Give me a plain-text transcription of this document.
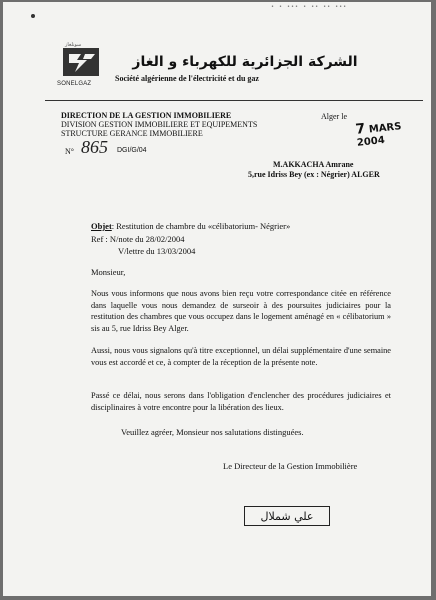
• • ••• • •• •• •••
سونلغاز
SONELGAZ
الشركة الجزائرية للكهرباء و الغاز
Société algérienne de l'électricité et du gaz
DIRECTION DE LA GESTION IMMOBILIERE
DIVISION GESTION IMMOBILIERE ET EQUIPEMENTS
STRUCTURE GERANCE IMMOBILIERE
Alger le
7 MARS 2004
N° 865 DGI/G/04
M.AKKACHA Amrane
5,rue Idriss Bey (ex : Négrier) ALGER
Objet: Restitution de chambre du «célibatorium- Négrier»
Ref : N/note du 28/02/2004
V/lettre du 13/03/2004
Monsieur,
Nous vous informons que nous avons bien reçu votre correspondance citée en référence dans laquelle vous nous demandez de surseoir à des poursuites judiciaires pour la restitution des chambres que vous occupez dans le logement aménagé en « célibatorium » sis au 5, rue Idriss Bey Alger.
Aussi, nous vous signalons qu'à titre exceptionnel, un délai supplémentaire d'une semaine vous est accordé et ce, à compter de la réception de la présente note.
Passé ce délai, nous serons dans l'obligation d'enclencher des procédures judiciaires et disciplinaires à votre encontre pour la libération des lieux.
Veuillez agréer, Monsieur nos salutations distinguées.
Le Directeur de la Gestion Immobilière
علي شملال
